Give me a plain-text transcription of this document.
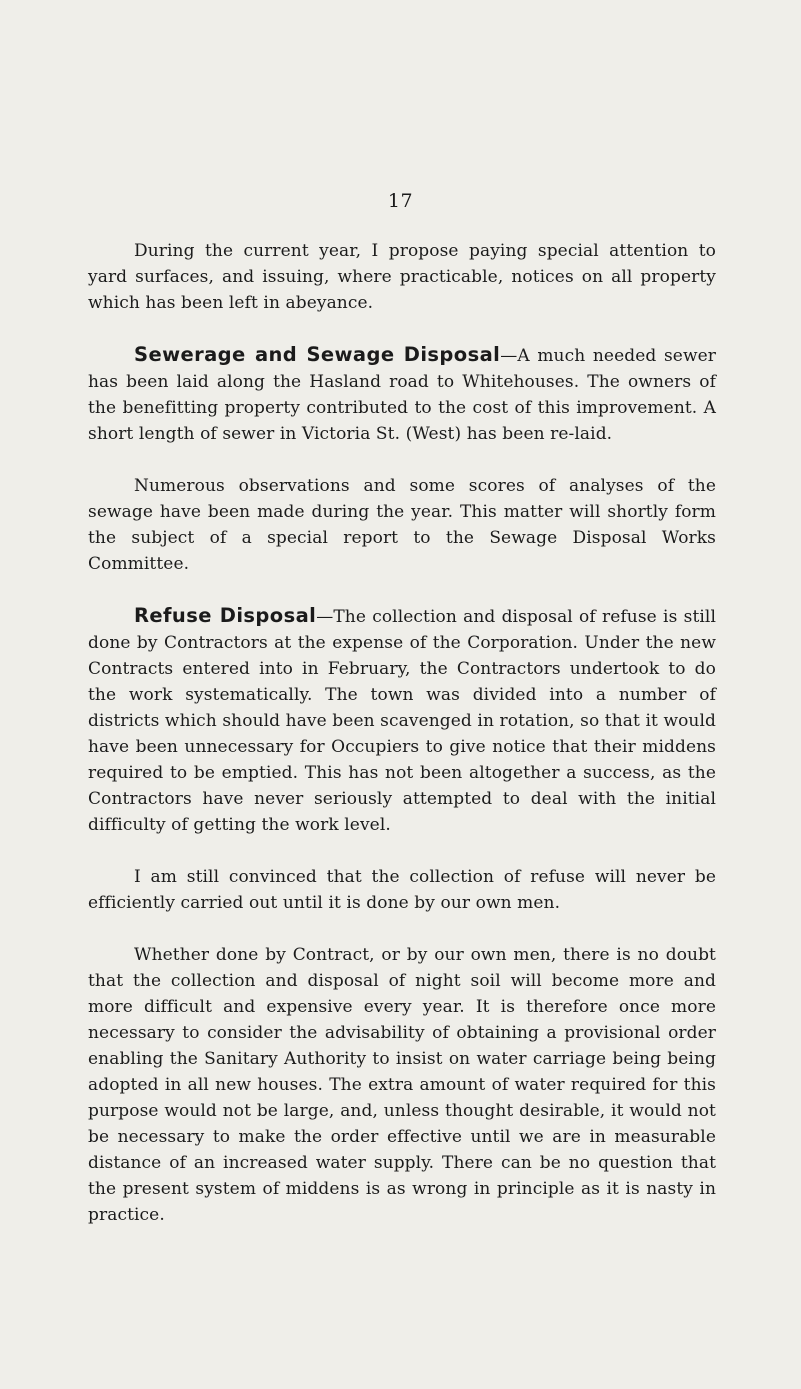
17

During the current year, I propose paying special attention to yard surfaces, and issuing, where practicable, notices on all property which has been left in abeyance.

Sewerage and Sewage Disposal—A much needed sewer has been laid along the Hasland road to Whitehouses. The owners of the benefitting property contributed to the cost of this improvement. A short length of sewer in Victoria St. (West) has been re-laid.

Numerous observations and some scores of analyses of the sewage have been made during the year. This matter will shortly form the subject of a special report to the Sewage Disposal Works Committee.

Refuse Disposal—The collection and disposal of refuse is still done by Contractors at the expense of the Corporation. Under the new Contracts entered into in February, the Contractors undertook to do the work systematically. The town was divided into a number of districts which should have been scavenged in rotation, so that it would have been unnecessary for Occupiers to give notice that their middens required to be emptied. This has not been altogether a success, as the Contractors have never seriously attempted to deal with the initial difficulty of getting the work level.

I am still convinced that the collection of refuse will never be efficiently carried out until it is done by our own men.

Whether done by Contract, or by our own men, there is no doubt that the collection and disposal of night soil will become more and more difficult and expensive every year. It is therefore once more necessary to consider the advisability of obtaining a provisional order enabling the Sanitary Authority to insist on water carriage being being adopted in all new houses. The extra amount of water required for this purpose would not be large, and, unless thought desirable, it would not be necessary to make the order effective until we are in measurable distance of an increased water supply. There can be no question that the present system of middens is as wrong in principle as it is nasty in practice.
